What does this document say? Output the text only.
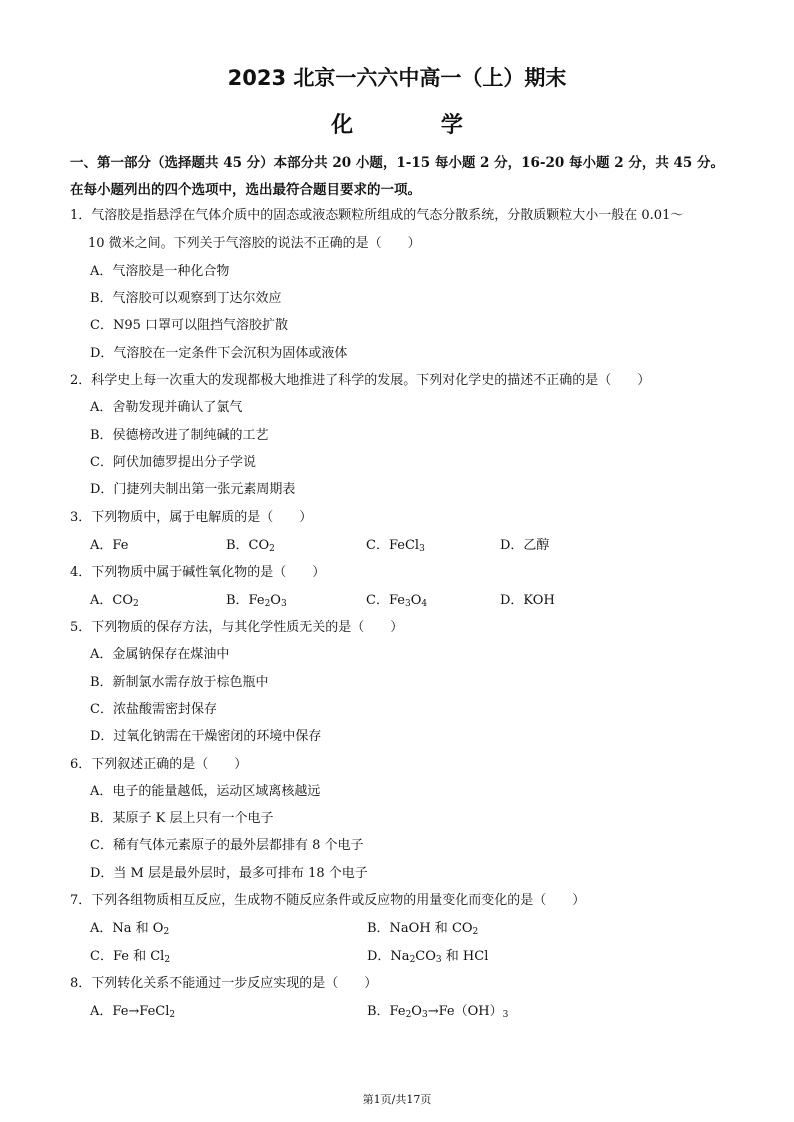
2023 北京一六六中高一（上）期末
化 学
一、第一部分（选择题共 45 分）本部分共 20 小题，1-15 每小题 2 分，16-20 每小题 2 分，共 45 分。在每小题列出的四个选项中，选出最符合题目要求的一项。
1．气溶胶是指悬浮在气体介质中的固态或液态颗粒所组成的气态分散系统，分散质颗粒大小一般在 0.01～
10 微米之间。下列关于气溶胶的说法不正确的是（　　）
A．气溶胶是一种化合物
B．气溶胶可以观察到丁达尔效应
C．N95 口罩可以阻挡气溶胶扩散
D．气溶胶在一定条件下会沉积为固体或液体
2．科学史上每一次重大的发现都极大地推进了科学的发展。下列对化学史的描述不正确的是（　　）
A．舍勒发现并确认了氯气
B．侯德榜改进了制纯碱的工艺
C．阿伏加德罗提出分子学说
D．门捷列夫制出第一张元素周期表
3．下列物质中，属于电解质的是（　　）
A．Fe	B．$CO_2$	C．FeCl$_3$	D．乙醇
4．下列物质中属于碱性氧化物的是（　　）
A．$CO_2$	B．$Fe_2O_3$	C．$Fe_3O_4$	D．KOH
5．下列物质的保存方法，与其化学性质无关的是（　　）
A．金属钠保存在煤油中
B．新制氯水需存放于棕色瓶中
C．浓盐酸需密封保存
D．过氧化钠需在干燥密闭的环境中保存
6．下列叙述正确的是（　　）
A．电子的能量越低，运动区域离核越远
B．某原子 K 层上只有一个电子
C．稀有气体元素原子的最外层都排有 8 个电子
D．当 M 层是最外层时，最多可排布 18 个电子
7．下列各组物质相互反应，生成物不随反应条件或反应物的用量变化而变化的是（　　）
A．Na 和 $O_2$	B．NaOH 和 $CO_2$
C．Fe 和 $Cl_2$	D．$Na_2CO_3$ 和 HCl
8．下列转化关系不能通过一步反应实现的是（　　）
A．Fe→FeCl$_2$	B．$Fe_2O_3\to Fe(OH)_3$
第1页/共17页
